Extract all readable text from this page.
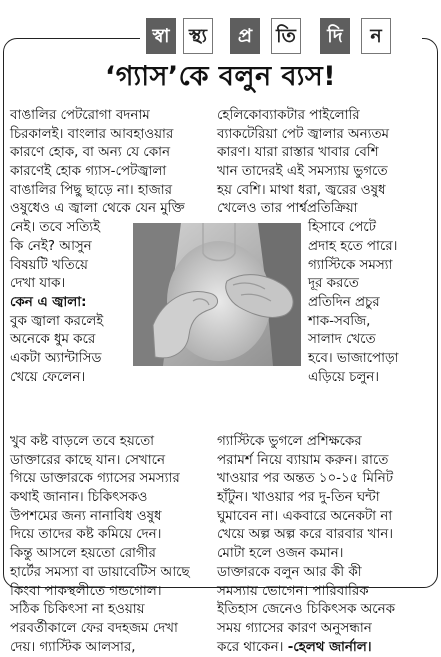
স্বা	স্থ্য	প্র	তি	দি	ন
‘গ্যাস’কে বলুন ব্যস!
বাঙালির পেটরোগা বদনাম
চিরকালই। বাংলার আবহাওয়ার
কারণে হোক, বা অন্য যে কোন
কারণেই হোক গ্যাস-পেটজ্বালা
বাঙালির পিছু ছাড়ে না। হাজার
ওষুধেও এ জ্বালা থেকে যেন মুক্তি
নেই। তবে সত্যিই
কি নেই? আসুন
বিষয়টি খতিয়ে
দেখা যাক।
কেন এ জ্বালা:
বুক জ্বালা করলেই
অনেকে ধুম করে
একটা অ্যান্টাসিড
খেয়ে ফেলেন।
হেলিকোব্যাকটার পাইলোরি
ব্যাকটেরিয়া পেট জ্বালার অন্যতম
কারণ। যারা রাস্তার খাবার বেশি
খান তাদেরই এই সমস্যায় ভুগতে
হয় বেশি। মাথা ধরা, জ্বরের ওষুধ
খেলেও তার পার্শ্বপ্রতিক্রিয়া
হিসাবে পেটে
প্রদাহ হতে পারে।
গ্যাস্টিকে সমস্যা
দূর করতে
প্রতিদিন প্রচুর
শাক-সবজি,
সালাদ খেতে
হবে। ভাজাপোড়া
এড়িয়ে চলুন।
খুব কষ্ট বাড়লে তবে হয়তো
ডাক্তারের কাছে যান। সেখানে
গিয়ে ডাক্তারকে গ্যাসের সমস্যার
কথাই জানান। চিকিৎসকও
উপশমের জন্য নানাবিধ ওষুধ
দিয়ে তাদের কষ্ট কমিয়ে দেন।
কিন্তু আসলে হয়তো রোগীর
হার্টের সমস্যা বা ডায়াবেটিস আছে
কিংবা পাকস্থলীতে গন্ডগোল।
সঠিক চিকিৎসা না হওয়ায়
পরবর্তীকালে ফের বদহজম দেখা
দেয়। গ্যাস্টিক আলসার,
গ্যাস্টিকে ভুগলে প্রশিক্ষকের
পরামর্শ নিয়ে ব্যায়াম করুন। রাতে
খাওয়ার পর অন্তত ১০-১৫ মিনিট
হাঁটুন। খাওয়ার পর দু-তিন ঘন্টা
ঘুমাবেন না। একবারে অনেকটা না
খেয়ে অল্প অল্প করে বারবার খান।
মোটা হলে ওজন কমান।
ডাক্তারকে বলুন আর কী কী
সমস্যায় ভোগেন। পারিবারিক
ইতিহাস জেনেও চিকিৎসক অনেক
সময় গ্যাসের কারণ অনুসন্ধান
করে থাকেন। -হেলথ জার্নাল।
